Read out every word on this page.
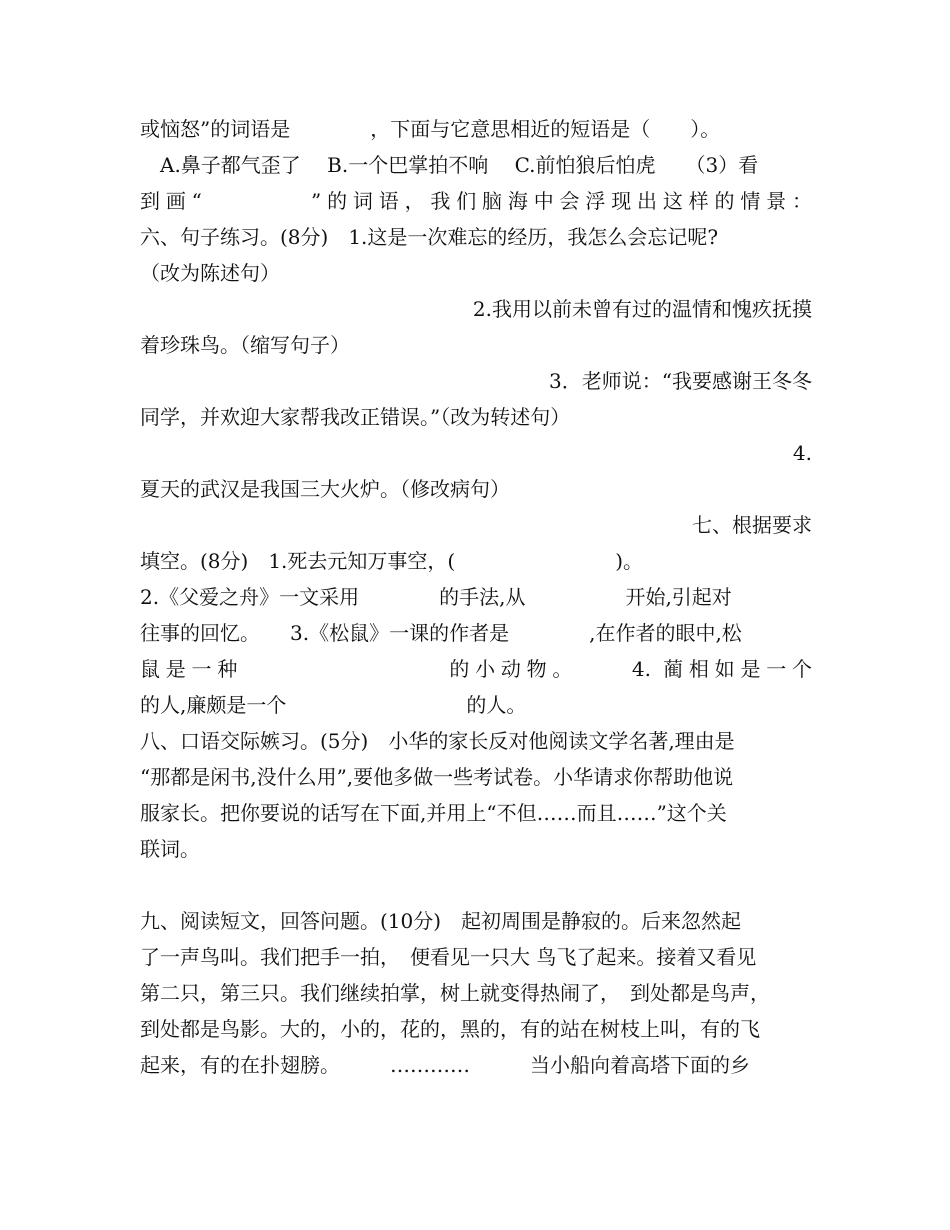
或恼怒”的词语是　　　　，下面与它意思相近的短语是（　　）。
　A.鼻子都气歪了　 B.一个巴掌拍不响　 C.前怕狼后怕虎　　（3）看
到画“　　　　”的词语，我们脑海中会浮现出这样的情景：
六、句子练习。(8分)　1.这是一次难忘的经历，我怎么会忘记呢?
（改为陈述句）
2.我用以前未曾有过的温情和愧疚抚摸
着珍珠鸟。（缩写句子）
3．老师说：“我要感谢王冬冬
同学，并欢迎大家帮我改正错误。”（改为转述句）
4.
夏天的武汉是我国三大火炉。（修改病句）
七、根据要求
填空。(8分)　1.死去元知万事空，(　　　　　　　　)。
2.《父爱之舟》一文采用　　　　的手法,从　　　　　开始,引起对
往事的回忆。　　3.《松鼠》一课的作者是　　　　,在作者的眼中,松
鼠是一种　　　　　　　　的小动物。　　 4. 蔺相如是一个
的人,廉颇是一个　　　　　　　　　的人。
八、口语交际嫉习。(5分)　小华的家长反对他阅读文学名著,理由是
“那都是闲书,没什么用”,要他多做一些考试卷。小华请求你帮助他说
服家长。把你要说的话写在下面,并用上“不但……而且……”这个关
联词。
九、阅读短文，回答问题。(10分)　起初周围是静寂的。后来忽然起
了一声鸟叫。我们把手一拍，　便看见一只大 鸟飞了起来。接着又看见
第二只，第三只。我们继续拍掌，树上就变得热闹了，　到处都是鸟声，
到处都是鸟影。大的，小的，花的，黑的，有的站在树枝上叫，有的飞
起来，有的在扑翅膀。　　　…………　　　当小船向着高塔下面的乡
